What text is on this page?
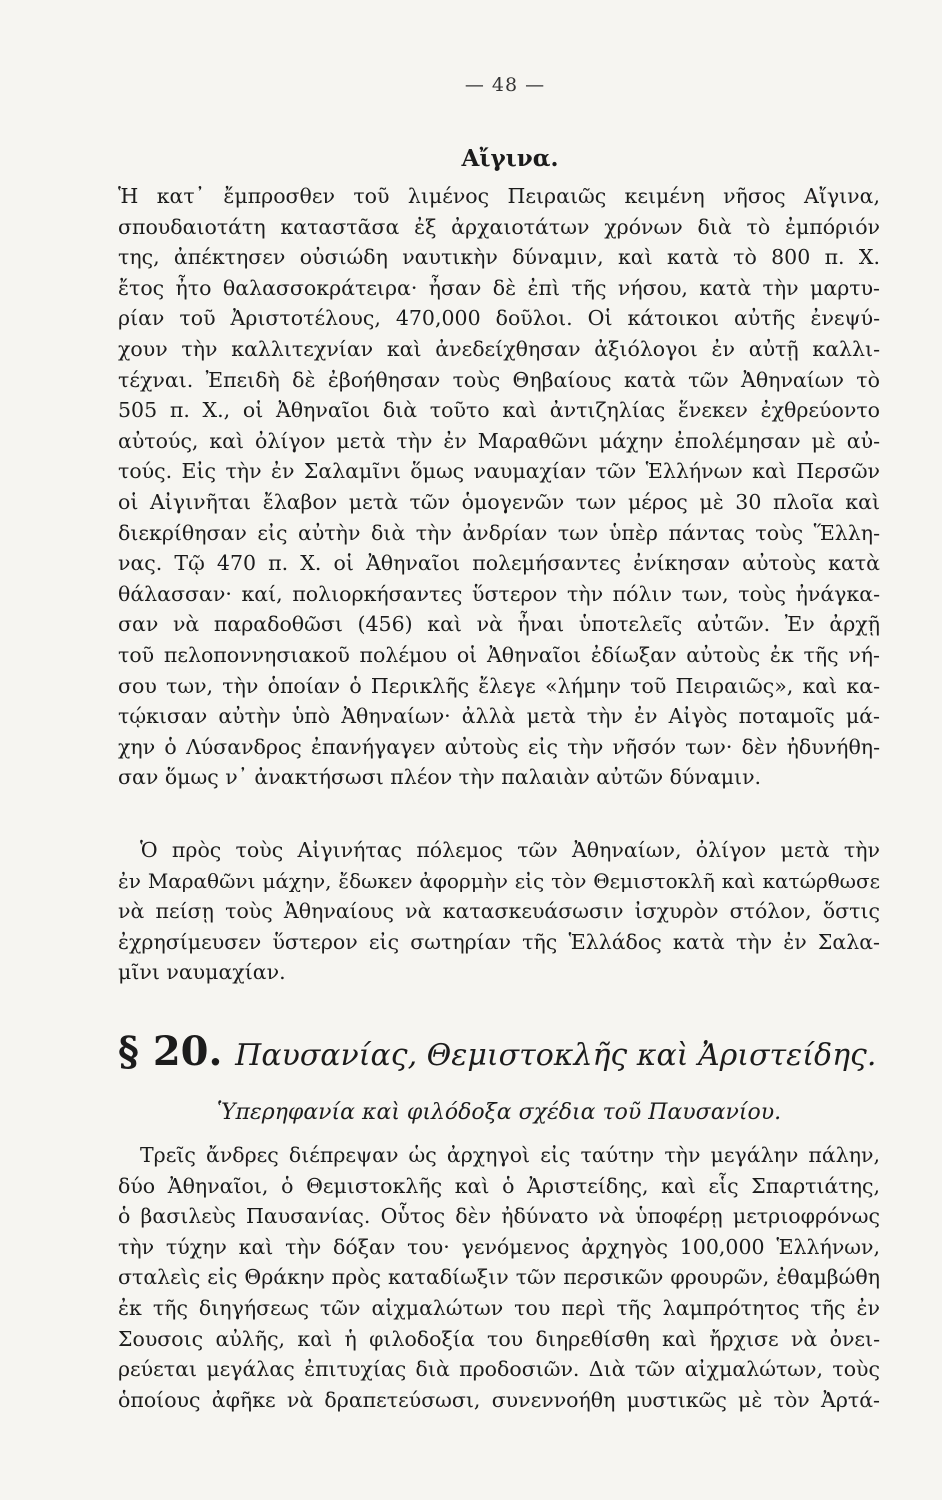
— 48 —
Αἴγινα.
Ἡ κατ᾽ ἔμπροσθεν τοῦ λιμένος Πειραιῶς κειμένη νῆσος Αἴγινα,
σπουδαιοτάτη καταστᾶσα ἐξ ἀρχαιοτάτων χρόνων διὰ τὸ ἐμπόριόν
της, ἀπέκτησεν οὐσιώδη ναυτικὴν δύναμιν, καὶ κατὰ τὸ 800 π. Χ.
ἔτος ἦτο θαλασσοκράτειρα· ἦσαν δὲ ἐπὶ τῆς νήσου, κατὰ τὴν μαρτυ-
ρίαν τοῦ Ἀριστοτέλους, 470,000 δοῦλοι. Οἱ κάτοικοι αὐτῆς ἐνεψύ-
χουν τὴν καλλιτεχνίαν καὶ ἀνεδείχθησαν ἀξιόλογοι ἐν αὐτῇ καλλι-
τέχναι. Ἐπειδὴ δὲ ἐβοήθησαν τοὺς Θηβαίους κατὰ τῶν Ἀθηναίων τὸ
505 π. Χ., οἱ Ἀθηναῖοι διὰ τοῦτο καὶ ἀντιζηλίας ἕνεκεν ἐχθρεύοντο
αὐτούς, καὶ ὀλίγον μετὰ τὴν ἐν Μαραθῶνι μάχην ἐπολέμησαν μὲ αὐ-
τούς. Εἰς τὴν ἐν Σαλαμῖνι ὅμως ναυμαχίαν τῶν Ἑλλήνων καὶ Περσῶν
οἱ Αἰγινῆται ἔλαβον μετὰ τῶν ὁμογενῶν των μέρος μὲ 30 πλοῖα καὶ
διεκρίθησαν εἰς αὐτὴν διὰ τὴν ἀνδρίαν των ὑπὲρ πάντας τοὺς Ἕλλη-
νας. Τῷ 470 π. Χ. οἱ Ἀθηναῖοι πολεμήσαντες ἐνίκησαν αὐτοὺς κατὰ
θάλασσαν· καί, πολιορκήσαντες ὕστερον τὴν πόλιν των, τοὺς ἠνάγκα-
σαν νὰ παραδοθῶσι (456) καὶ νὰ ἦναι ὑποτελεῖς αὐτῶν. Ἐν ἀρχῇ
τοῦ πελοποννησιακοῦ πολέμου οἱ Ἀθηναῖοι ἐδίωξαν αὐτοὺς ἐκ τῆς νή-
σου των, τὴν ὁποίαν ὁ Περικλῆς ἔλεγε «λήμην τοῦ Πειραιῶς», καὶ κα-
τῴκισαν αὐτὴν ὑπὸ Ἀθηναίων· ἀλλὰ μετὰ τὴν ἐν Αἰγὸς ποταμοῖς μά-
χην ὁ Λύσανδρος ἐπανήγαγεν αὐτοὺς εἰς τὴν νῆσόν των· δὲν ἠδυνήθη-
σαν ὅμως ν᾽ ἀνακτήσωσι πλέον τὴν παλαιὰν αὐτῶν δύναμιν.
Ὁ πρὸς τοὺς Αἰγινήτας πόλεμος τῶν Ἀθηναίων, ὀλίγον μετὰ τὴν
ἐν Μαραθῶνι μάχην, ἔδωκεν ἀφορμὴν εἰς τὸν Θεμιστοκλῆ καὶ κατώρθωσε
νὰ πείσῃ τοὺς Ἀθηναίους νὰ κατασκευάσωσιν ἰσχυρὸν στόλον, ὅστις
ἐχρησίμευσεν ὕστερον εἰς σωτηρίαν τῆς Ἑλλάδος κατὰ τὴν ἐν Σαλα-
μῖνι ναυμαχίαν.
§ 20. Παυσανίας, Θεμιστοκλῆς καὶ Ἀριστείδης.
Ὑπερηφανία καὶ φιλόδοξα σχέδια τοῦ Παυσανίου.
Τρεῖς ἄνδρες διέπρεψαν ὡς ἀρχηγοὶ εἰς ταύτην τὴν μεγάλην πάλην,
δύο Ἀθηναῖοι, ὁ Θεμιστοκλῆς καὶ ὁ Ἀριστείδης, καὶ εἷς Σπαρτιάτης,
ὁ βασιλεὺς Παυσανίας. Οὗτος δὲν ἠδύνατο νὰ ὑποφέρῃ μετριοφρόνως
τὴν τύχην καὶ τὴν δόξαν του· γενόμενος ἀρχηγὸς 100,000 Ἑλλήνων,
σταλεὶς εἰς Θράκην πρὸς καταδίωξιν τῶν περσικῶν φρουρῶν, ἐθαμβώθη
ἐκ τῆς διηγήσεως τῶν αἰχμαλώτων του περὶ τῆς λαμπρότητος τῆς ἐν
Σουσοις αὐλῆς, καὶ ἡ φιλοδοξία του διηρεθίσθη καὶ ἤρχισε νὰ ὀνει-
ρεύεται μεγάλας ἐπιτυχίας διὰ προδοσιῶν. Διὰ τῶν αἰχμαλώτων, τοὺς
ὁποίους ἀφῆκε νὰ δραπετεύσωσι, συνεννοήθη μυστικῶς μὲ τὸν Ἀρτά-
